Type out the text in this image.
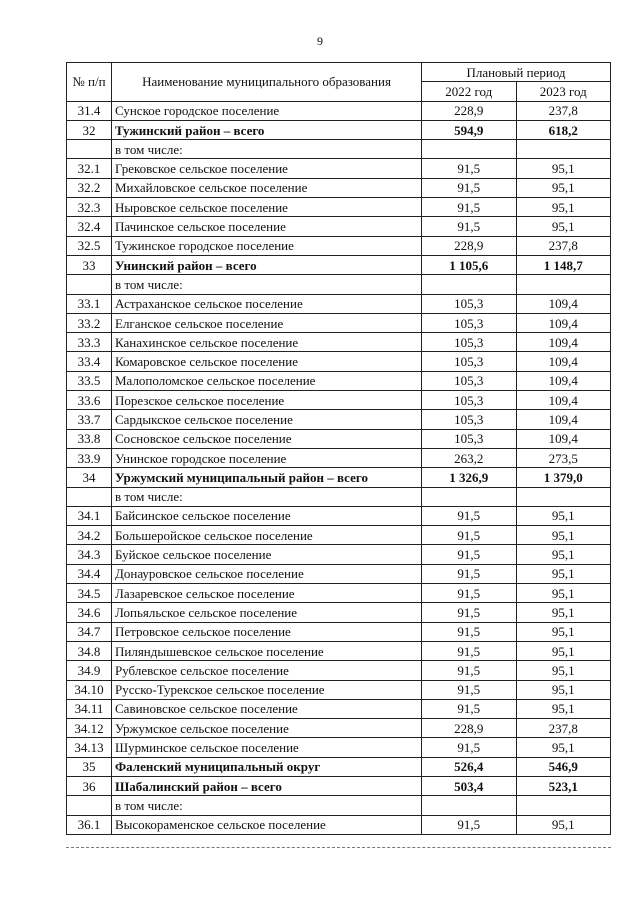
9
№ п/п	Наименование муниципального образования	Плановый период	
		2022 год	2023 год
31.4	Сунское городское поселение	228,9	237,8
32	Тужинский район – всего	594,9	618,2
	в том числе:		
32.1	Грековское сельское поселение	91,5	95,1
32.2	Михайловское сельское поселение	91,5	95,1
32.3	Ныровское сельское поселение	91,5	95,1
32.4	Пачинское сельское поселение	91,5	95,1
32.5	Тужинское городское поселение	228,9	237,8
33	Унинский район – всего	1 105,6	1 148,7
	в том числе:		
33.1	Астраханское сельское поселение	105,3	109,4
33.2	Елганское сельское поселение	105,3	109,4
33.3	Канахинское сельское поселение	105,3	109,4
33.4	Комаровское сельское поселение	105,3	109,4
33.5	Малополомское сельское поселение	105,3	109,4
33.6	Порезское сельское поселение	105,3	109,4
33.7	Сардыкское сельское поселение	105,3	109,4
33.8	Сосновское сельское поселение	105,3	109,4
33.9	Унинское городское поселение	263,2	273,5
34	Уржумский муниципальный район – всего	1 326,9	1 379,0
	в том числе:		
34.1	Байсинское сельское поселение	91,5	95,1
34.2	Большеройское сельское поселение	91,5	95,1
34.3	Буйское сельское поселение	91,5	95,1
34.4	Донауровское сельское поселение	91,5	95,1
34.5	Лазаревское сельское поселение	91,5	95,1
34.6	Лопьяльское сельское поселение	91,5	95,1
34.7	Петровское сельское поселение	91,5	95,1
34.8	Пиляндышевское сельское поселение	91,5	95,1
34.9	Рублевское сельское поселение	91,5	95,1
34.10	Русско-Турекское сельское поселение	91,5	95,1
34.11	Савиновское сельское поселение	91,5	95,1
34.12	Уржумское сельское поселение	228,9	237,8
34.13	Шурминское сельское поселение	91,5	95,1
35	Фаленский муниципальный округ	526,4	546,9
36	Шабалинский район – всего	503,4	523,1
	в том числе:		
36.1	Высокораменское сельское поселение	91,5	95,1
